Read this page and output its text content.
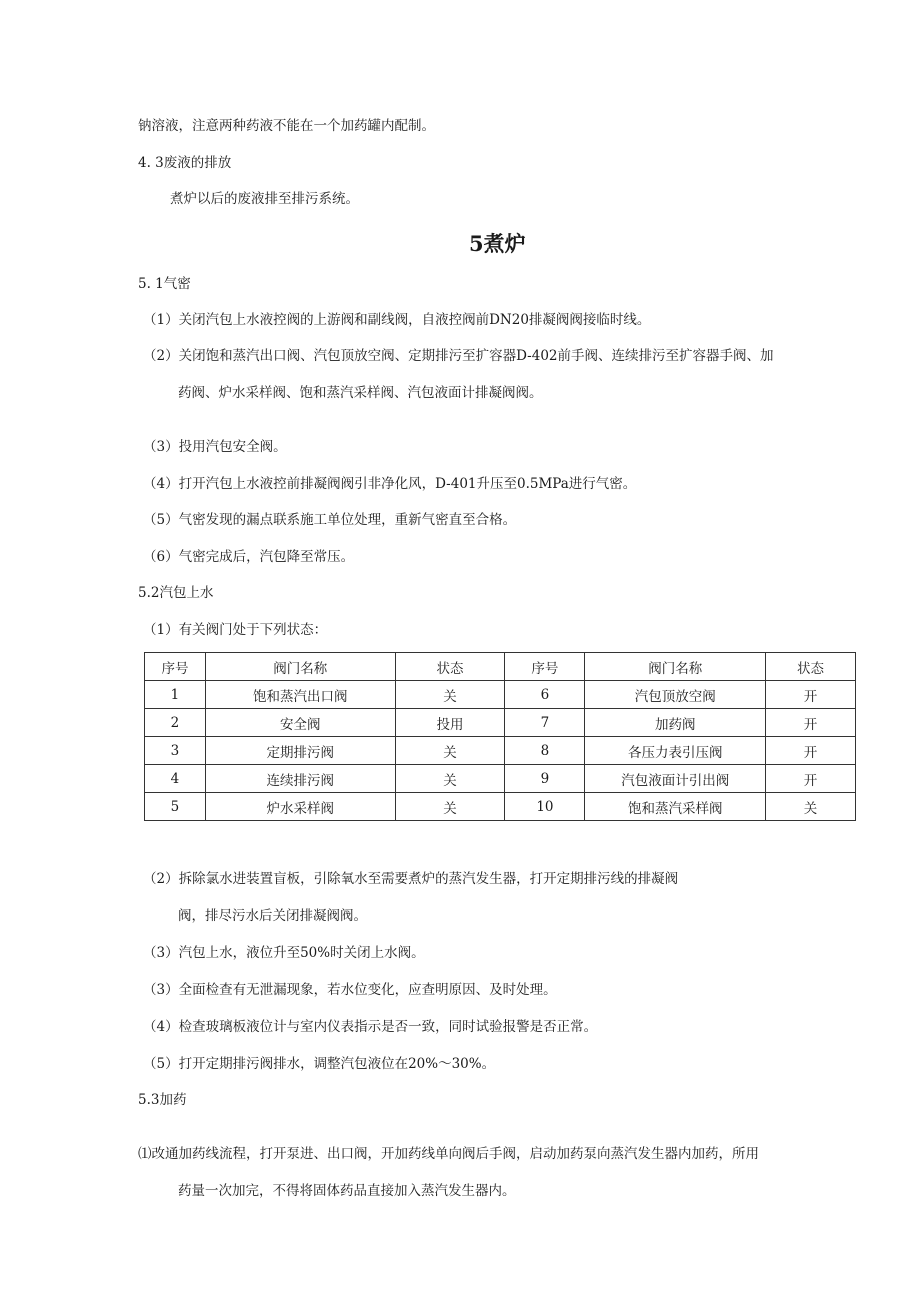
钠溶液，注意两种药液不能在一个加药罐内配制。

4. 3废液的排放

煮炉以后的废液排至排污系统。

5煮炉

5. 1气密

（1）关闭汽包上水液控阀的上游阀和副线阀，自液控阀前DN20排凝阀阀接临时线。

（2）关闭饱和蒸汽出口阀、汽包顶放空阀、定期排污至扩容器D-402前手阀、连续排污至扩容器手阀、加

药阀、炉水采样阀、饱和蒸汽采样阀、汽包液面计排凝阀阀。

（3）投用汽包安全阀。

（4）打开汽包上水液控前排凝阀阀引非净化风，D-401升压至0.5MPa进行气密。

（5）气密发现的漏点联系施工单位处理，重新气密直至合格。

（6）气密完成后，汽包降至常压。

5.2汽包上水

（1）有关阀门处于下列状态：

序号	阀门名称	状态	序号	阀门名称	状态
1	饱和蒸汽出口阀	关	6	汽包顶放空阀	开
2	安全阀	投用	7	加药阀	开
3	定期排污阀	关	8	各压力表引压阀	开
4	连续排污阀	关	9	汽包液面计引出阀	开
5	炉水采样阀	关	10	饱和蒸汽采样阀	关

（2）拆除氯水进装置盲板，引除氧水至需要煮炉的蒸汽发生器，打开定期排污线的排凝阀

阀，排尽污水后关闭排凝阀阀。

（3）汽包上水，液位升至50%时关闭上水阀。

（3）全面检查有无泄漏现象，若水位变化，应查明原因、及时处理。

（4）检查玻璃板液位计与室内仪表指示是否一致，同时试验报警是否正常。

（5）打开定期排污阀排水，调整汽包液位在20%～30%。

5.3加药

⑴改通加药线流程，打开泵进、出口阀，开加药线单向阀后手阀，启动加药泵向蒸汽发生器内加药，所用

药量一次加完，不得将固体药品直接加入蒸汽发生器内。
